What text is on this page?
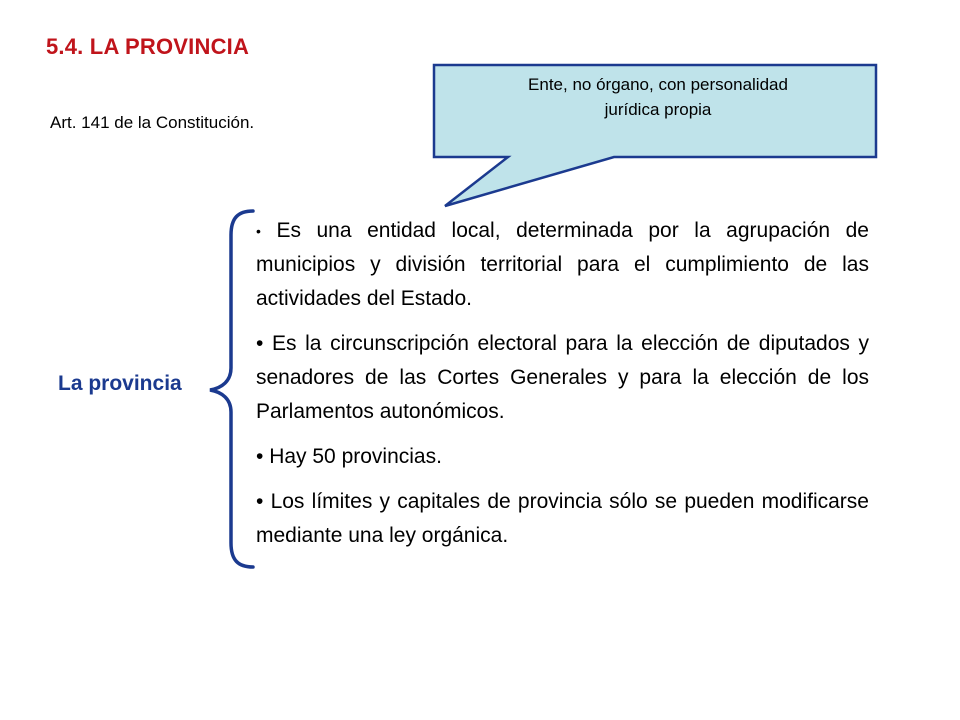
5.4. LA PROVINCIA
Art. 141 de la Constitución.
Ente, no órgano, con personalidad
jurídica propia
La provincia
• Es una entidad local, determinada por la agrupación de municipios y división territorial para el cumplimiento de las actividades del Estado.
• Es la circunscripción electoral para la elección de diputados y senadores de las Cortes Generales y para la elección de los Parlamentos autonómicos.
• Hay 50 provincias.
• Los límites y capitales de provincia sólo se pueden modificarse mediante una ley orgánica.
